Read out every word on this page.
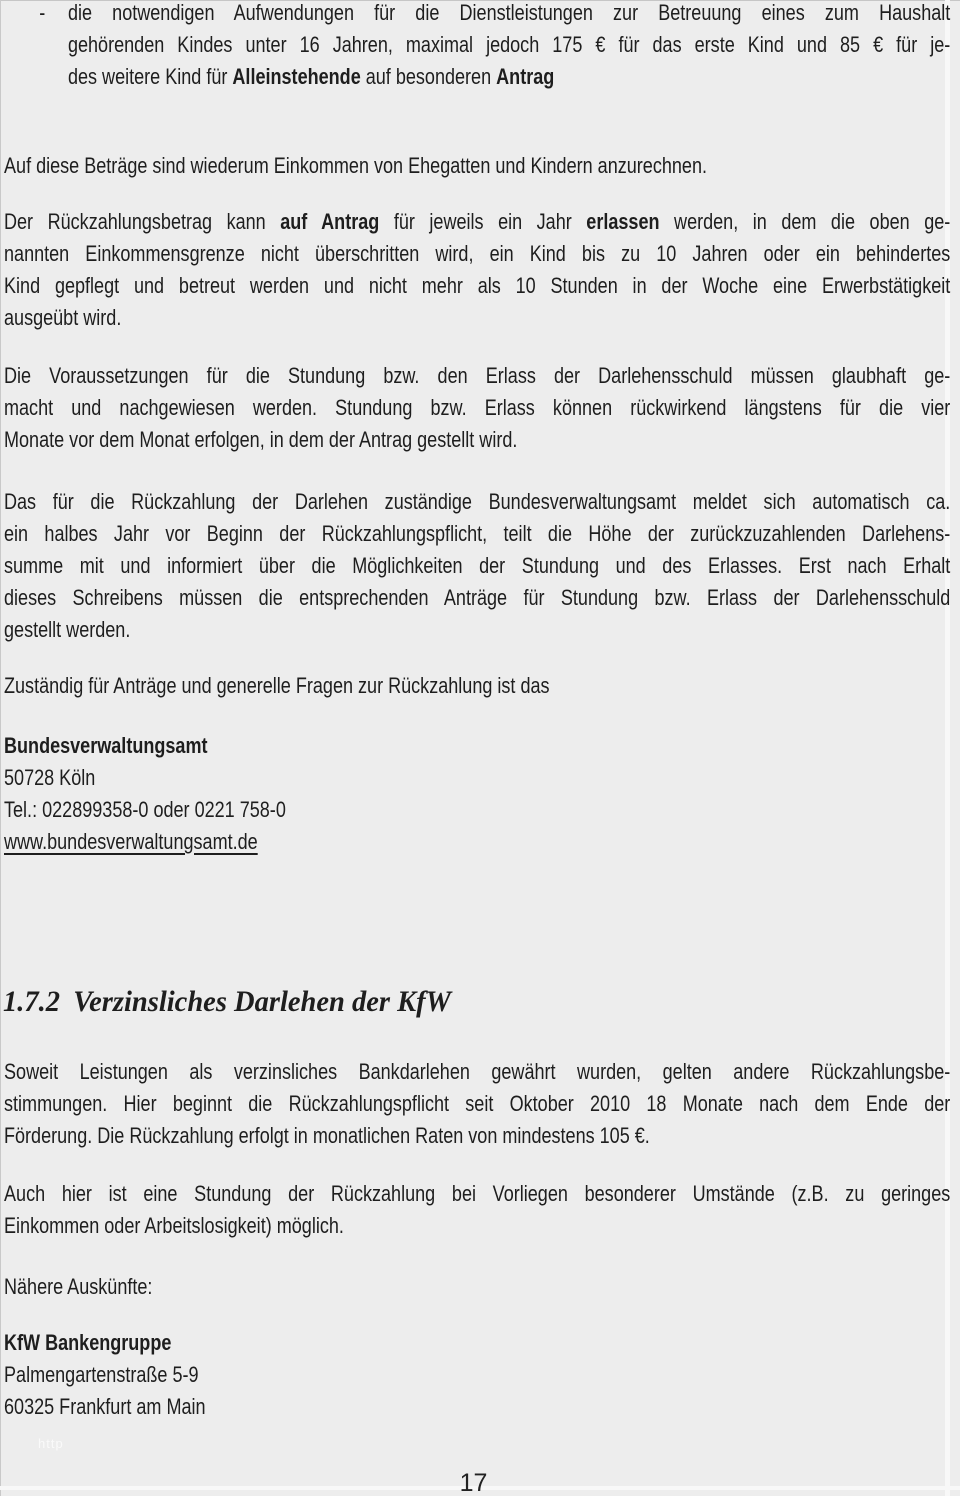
- die notwendigen Aufwendungen für die Dienstleistungen zur Betreuung eines zum Haushalt
gehörenden Kindes unter 16 Jahren, maximal jedoch 175 € für das erste Kind und 85 € für je-
des weitere Kind für Alleinstehende auf besonderen Antrag
Auf diese Beträge sind wiederum Einkommen von Ehegatten und Kindern anzurechnen.
Der Rückzahlungsbetrag kann auf Antrag für jeweils ein Jahr erlassen werden, in dem die oben ge-
nannten Einkommensgrenze nicht überschritten wird, ein Kind bis zu 10 Jahren oder ein behindertes
Kind gepflegt und betreut werden und nicht mehr als 10 Stunden in der Woche eine Erwerbstätigkeit
ausgeübt wird.
Die Voraussetzungen für die Stundung bzw. den Erlass der Darlehensschuld müssen glaubhaft ge-
macht und nachgewiesen werden. Stundung bzw. Erlass können rückwirkend längstens für die vier
Monate vor dem Monat erfolgen, in dem der Antrag gestellt wird.
Das für die Rückzahlung der Darlehen zuständige Bundesverwaltungsamt meldet sich automatisch ca.
ein halbes Jahr vor Beginn der Rückzahlungspflicht, teilt die Höhe der zurückzuzahlenden Darlehens-
summe mit und informiert über die Möglichkeiten der Stundung und des Erlasses. Erst nach Erhalt
dieses Schreibens müssen die entsprechenden Anträge für Stundung bzw. Erlass der Darlehensschuld
gestellt werden.
Zuständig für Anträge und generelle Fragen zur Rückzahlung ist das
Bundesverwaltungsamt
50728 Köln
Tel.: 022899358-0 oder 0221 758-0
www.bundesverwaltungsamt.de
1.7.2 Verzinsliches Darlehen der KfW
Soweit Leistungen als verzinsliches Bankdarlehen gewährt wurden, gelten andere Rückzahlungsbe-
stimmungen. Hier beginnt die Rückzahlungspflicht seit Oktober 2010 18 Monate nach dem Ende der
Förderung. Die Rückzahlung erfolgt in monatlichen Raten von mindestens 105 €.
Auch hier ist eine Stundung der Rückzahlung bei Vorliegen besonderer Umstände (z.B. zu geringes
Einkommen oder Arbeitslosigkeit) möglich.
Nähere Auskünfte:
KfW Bankengruppe
Palmengartenstraße 5-9
60325 Frankfurt am Main
http
17
